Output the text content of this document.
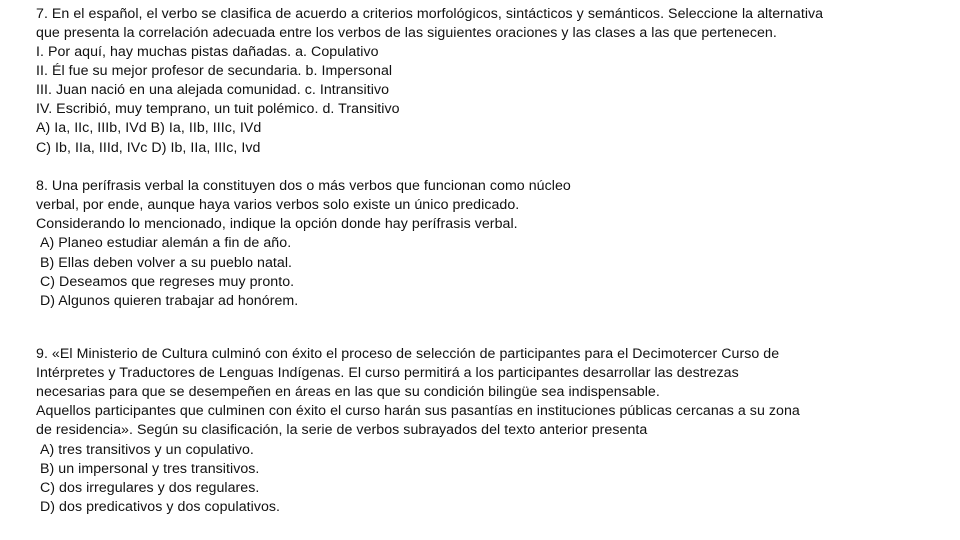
7. En el español, el verbo se clasifica de acuerdo a criterios morfológicos, sintácticos y semánticos. Seleccione la alternativa
que presenta la correlación adecuada entre los verbos de las siguientes oraciones y las clases a las que pertenecen.
I. Por aquí, hay muchas pistas dañadas. a. Copulativo
II. Él fue su mejor profesor de secundaria. b. Impersonal
III. Juan nació en una alejada comunidad. c. Intransitivo
IV. Escribió, muy temprano, un tuit polémico. d. Transitivo
A) Ia, IIc, IIIb, IVd B) Ia, IIb, IIIc, IVd
C) Ib, IIa, IIId, IVc D) Ib, IIa, IIIc, Ivd
8. Una perífrasis verbal la constituyen dos o más verbos que funcionan como núcleo
verbal, por ende, aunque haya varios verbos solo existe un único predicado.
Considerando lo mencionado, indique la opción donde hay perífrasis verbal.
A) Planeo estudiar alemán a fin de año.
B) Ellas deben volver a su pueblo natal.
C) Deseamos que regreses muy pronto.
D) Algunos quieren trabajar ad honórem.
9. «El Ministerio de Cultura culminó con éxito el proceso de selección de participantes para el Decimotercer Curso de
Intérpretes y Traductores de Lenguas Indígenas. El curso permitirá a los participantes desarrollar las destrezas
necesarias para que se desempeñen en áreas en las que su condición bilingüe sea indispensable.
Aquellos participantes que culminen con éxito el curso harán sus pasantías en instituciones públicas cercanas a su zona
de residencia». Según su clasificación, la serie de verbos subrayados del texto anterior presenta
A) tres transitivos y un copulativo.
B) un impersonal y tres transitivos.
C) dos irregulares y dos regulares.
D) dos predicativos y dos copulativos.
